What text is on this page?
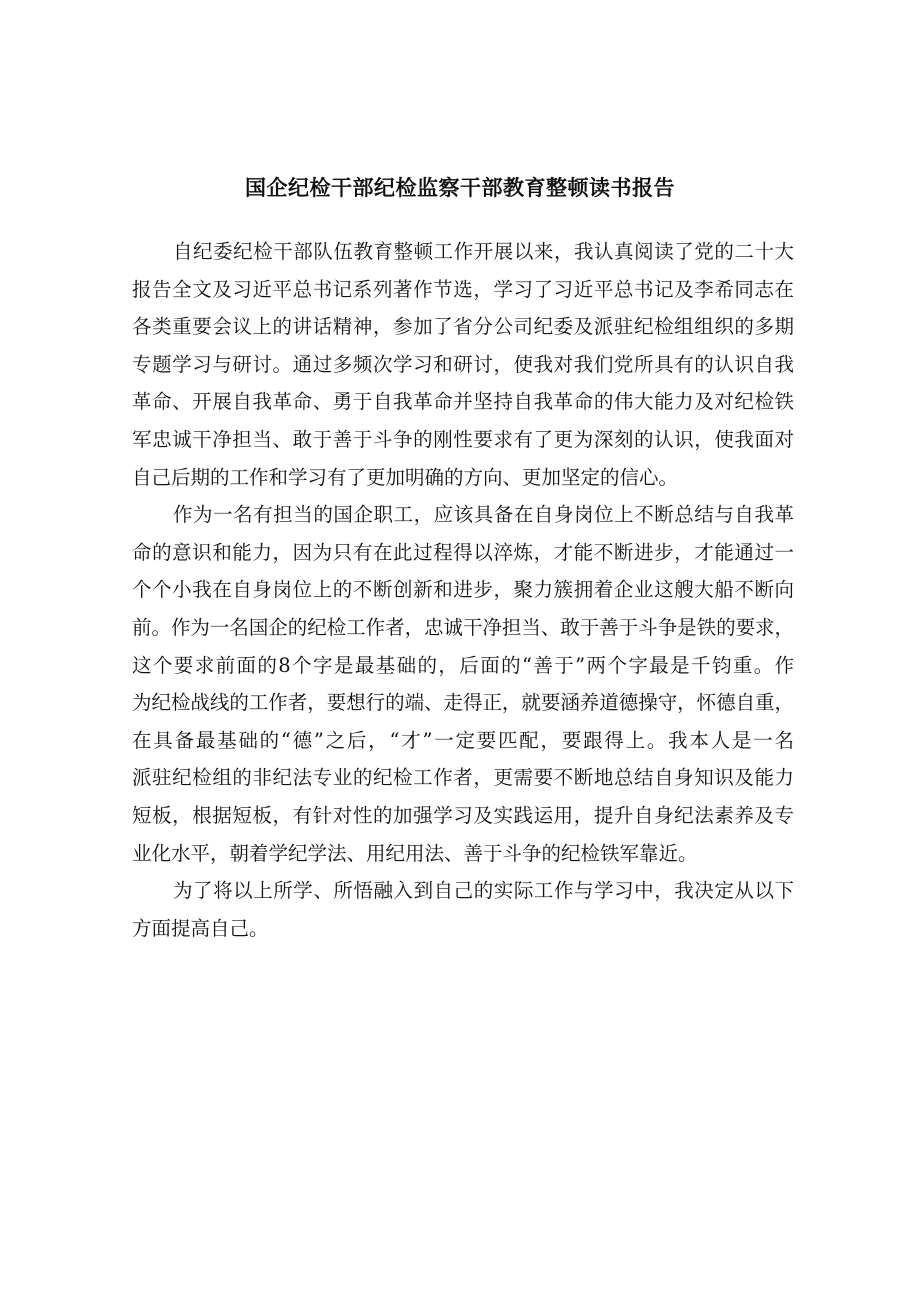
国企纪检干部纪检监察干部教育整顿读书报告

自纪委纪检干部队伍教育整顿工作开展以来，我认真阅读了党的二十大
报告全文及习近平总书记系列著作节选，学习了习近平总书记及李希同志在
各类重要会议上的讲话精神，参加了省分公司纪委及派驻纪检组组织的多期
专题学习与研讨。通过多频次学习和研讨，使我对我们党所具有的认识自我
革命、开展自我革命、勇于自我革命并坚持自我革命的伟大能力及对纪检铁
军忠诚干净担当、敢于善于斗争的刚性要求有了更为深刻的认识，使我面对
自己后期的工作和学习有了更加明确的方向、更加坚定的信心。

作为一名有担当的国企职工，应该具备在自身岗位上不断总结与自我革
命的意识和能力，因为只有在此过程得以淬炼，才能不断进步，才能通过一
个个小我在自身岗位上的不断创新和进步，聚力簇拥着企业这艘大船不断向
前。作为一名国企的纪检工作者，忠诚干净担当、敢于善于斗争是铁的要求，
这个要求前面的8个字是最基础的，后面的“善于”两个字最是千钧重。作
为纪检战线的工作者，要想行的端、走得正，就要涵养道德操守，怀德自重，
在具备最基础的“德”之后，“才”一定要匹配，要跟得上。我本人是一名
派驻纪检组的非纪法专业的纪检工作者，更需要不断地总结自身知识及能力
短板，根据短板，有针对性的加强学习及实践运用，提升自身纪法素养及专
业化水平，朝着学纪学法、用纪用法、善于斗争的纪检铁军靠近。

为了将以上所学、所悟融入到自己的实际工作与学习中，我决定从以下
方面提高自己。
